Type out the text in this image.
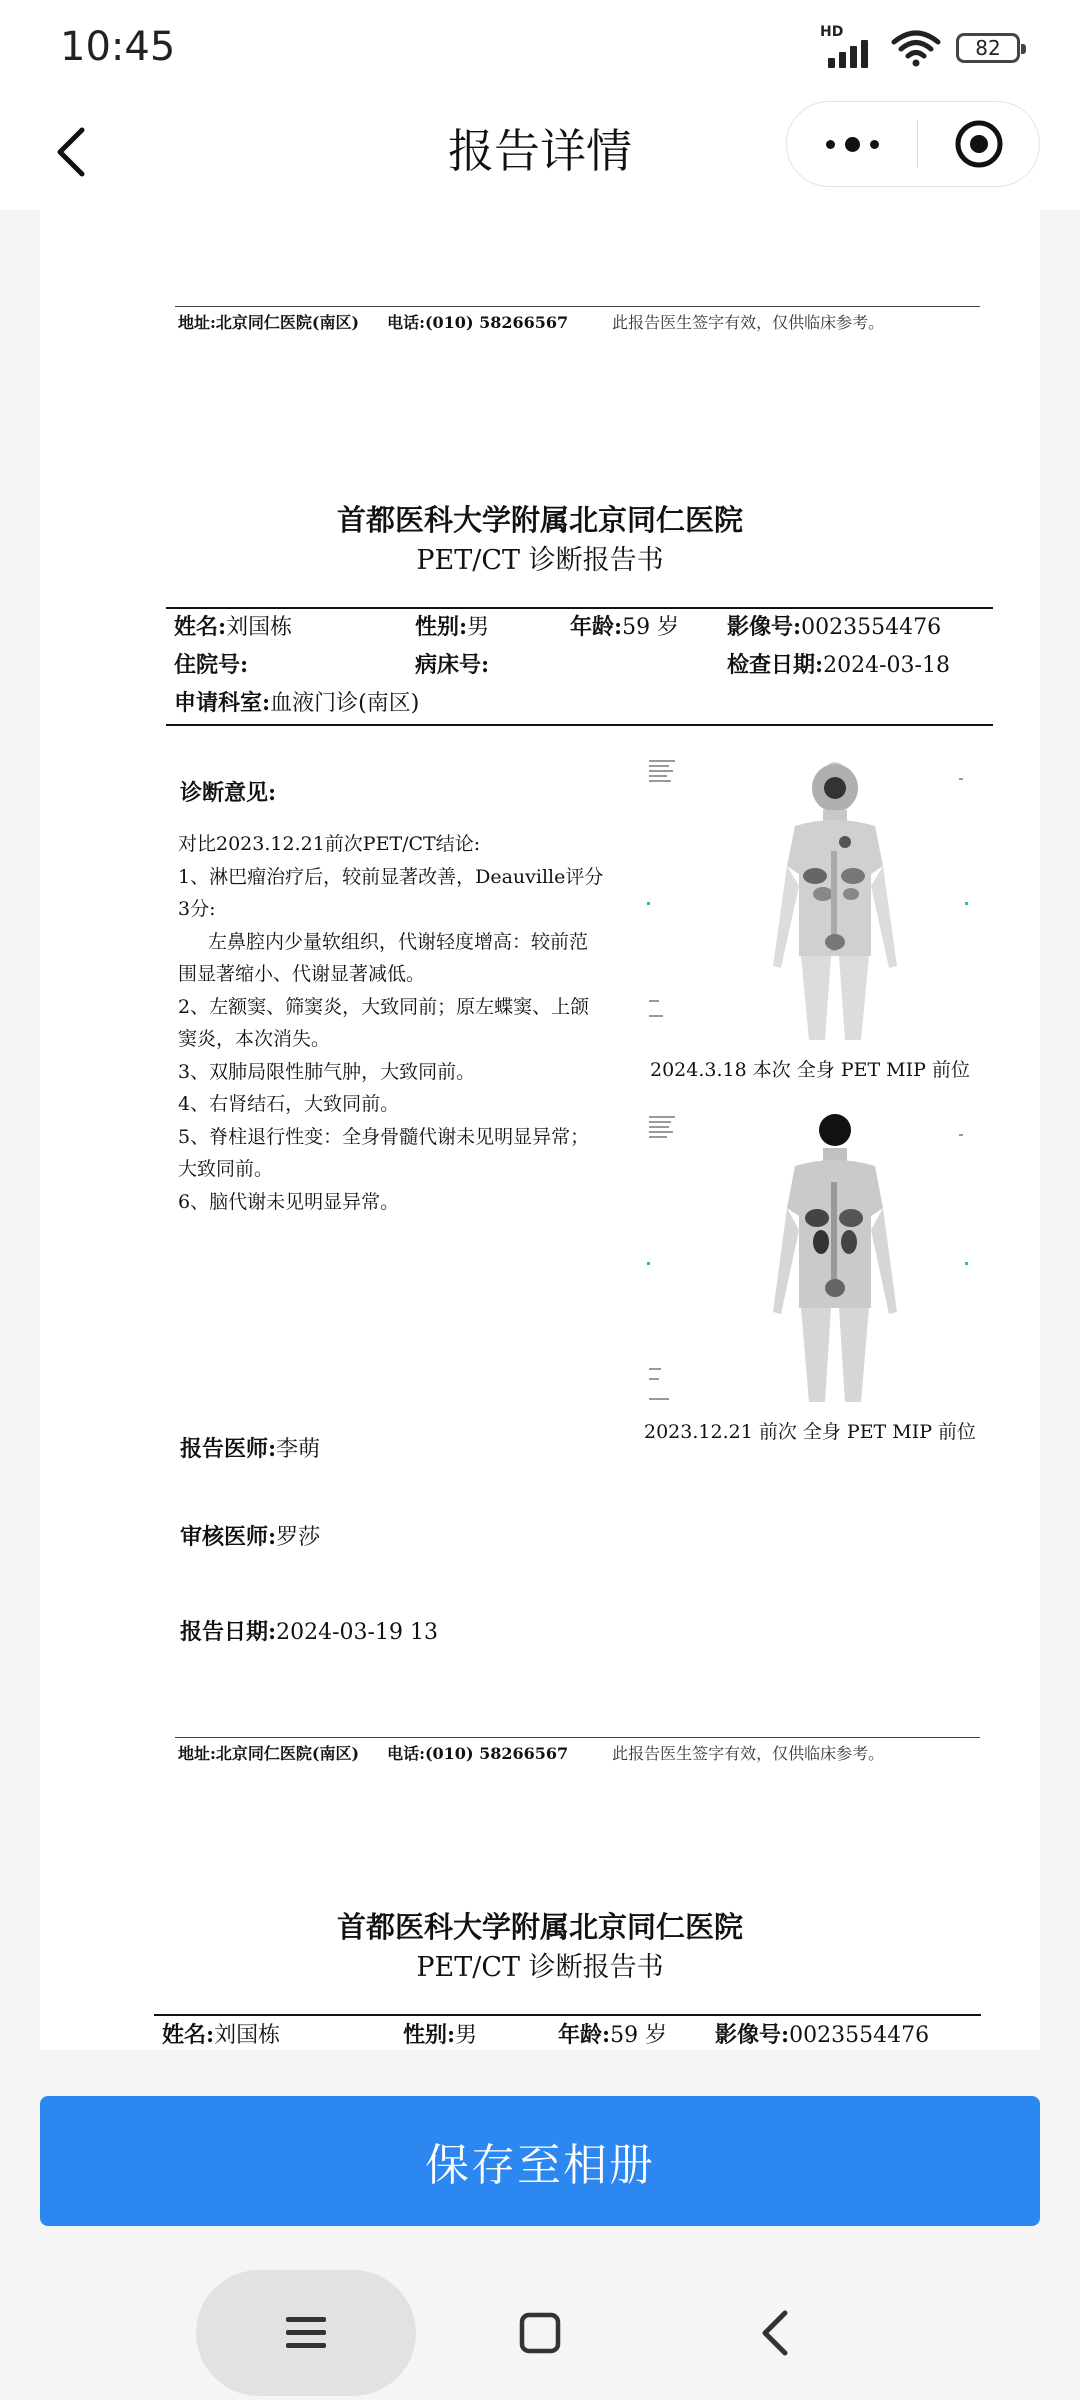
10:45	HD
82
报告详情
地址:北京同仁医院(南区) 电话:(010) 58266567	此报告医生签字有效，仅供临床参考。
首都医科大学附属北京同仁医院
PET/CT 诊断报告书
姓名:刘国栋	性别:男	年龄:59 岁 影像号:0023554476
住院号:	病床号:	检查日期:2024-03-18
申请科室:血液门诊(南区)
诊断意见:
对比2023.12.21前次PET/CT结论:
1、淋巴瘤治疗后，较前显著改善，Deauville评分
3分:
左鼻腔内少量软组织，代谢轻度增高：较前范
围显著缩小、代谢显著减低。
2、左额窦、筛窦炎，大致同前；原左蝶窦、上颌
窦炎，本次消失。
3、双肺局限性肺气肿，大致同前。
4、右肾结石，大致同前。
5、脊柱退行性变：全身骨髓代谢未见明显异常；
大致同前。
6、脑代谢未见明显异常。
2024.3.18 本次 全身 PET MIP 前位
2023.12.21 前次 全身 PET MIP 前位
报告医师:李萌
审核医师:罗莎
报告日期:2024-03-19 13
地址:北京同仁医院(南区) 电话:(010) 58266567	此报告医生签字有效，仅供临床参考。
首都医科大学附属北京同仁医院
PET/CT 诊断报告书
姓名:刘国栋	性别:男	年龄:59 岁 影像号:0023554476
保存至相册
